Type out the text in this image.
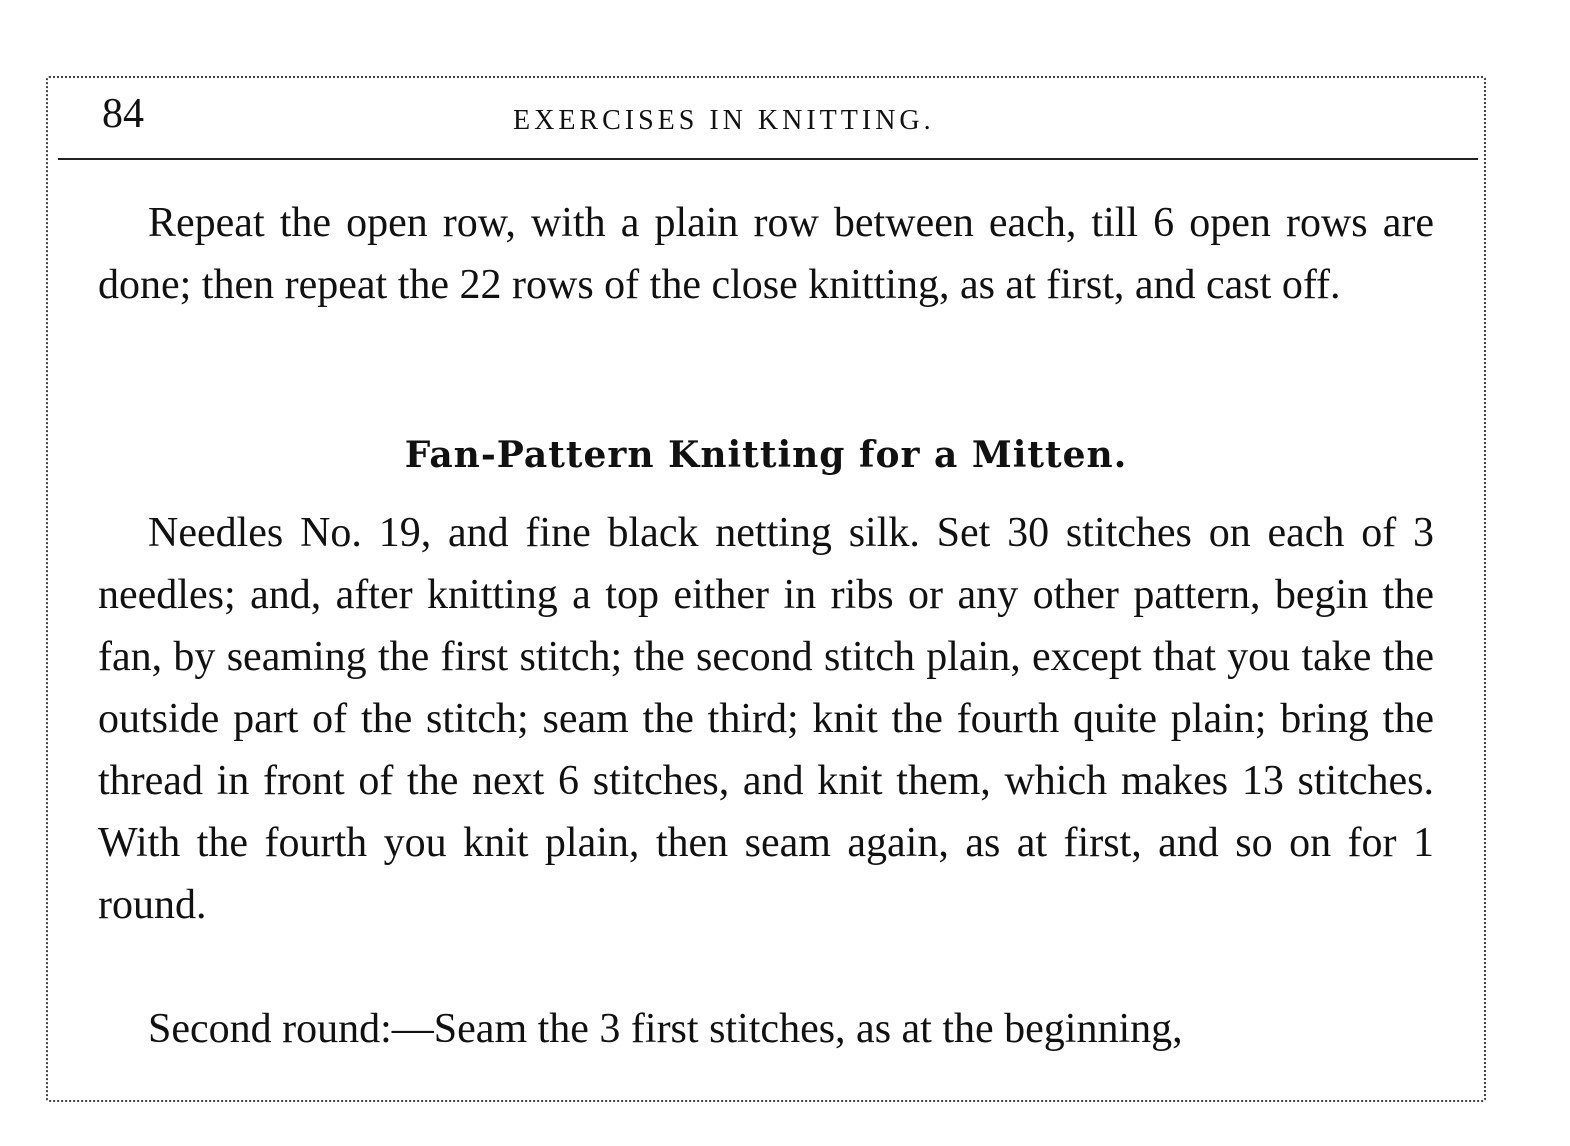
84	EXERCISES IN KNITTING.

Repeat the open row, with a plain row between each, till 6 open rows are done; then repeat the 22 rows of the close knitting, as at first, and cast off.

Fan-Pattern Knitting for a Mitten.

Needles No. 19, and fine black netting silk. Set 30 stitches on each of 3 needles; and, after knitting a top either in ribs or any other pattern, begin the fan, by seaming the first stitch; the second stitch plain, except that you take the outside part of the stitch; seam the third; knit the fourth quite plain; bring the thread in front of the next 6 stitches, and knit them, which makes 13 stitches. With the fourth you knit plain, then seam again, as at first, and so on for 1 round.

Second round:—Seam the 3 first stitches, as at the beginning,
